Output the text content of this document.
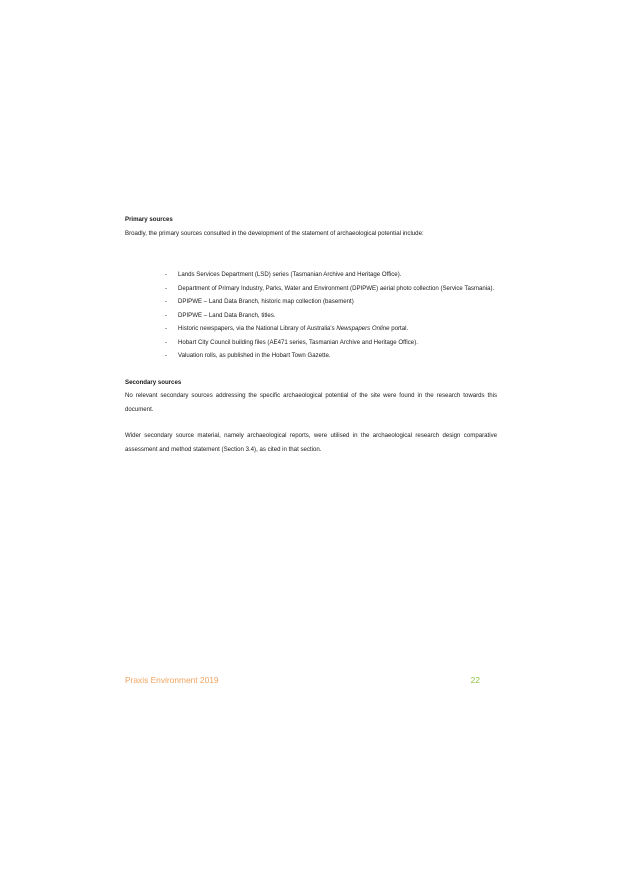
Primary sources

Broadly, the primary sources consulted in the development of the statement of archaeological potential include:

- Lands Services Department (LSD) series (Tasmanian Archive and Heritage Office).
- Department of Primary Industry, Parks, Water and Environment (DPIPWE) aerial photo collection (Service Tasmania).
- DPIPWE – Land Data Branch, historic map collection (basement)
- DPIPWE – Land Data Branch, titles.
- Historic newspapers, via the National Library of Australia's Newspapers Online portal.
- Hobart City Council building files (AE471 series, Tasmanian Archive and Heritage Office).
- Valuation rolls, as published in the Hobart Town Gazette.

Secondary sources

No relevant secondary sources addressing the specific archaeological potential of the site were found in the research towards this document.

Wider secondary source material, namely archaeological reports, were utilised in the archaeological research design comparative assessment and method statement (Section 3.4), as cited in that section.

Praxis Environment 2019	22
